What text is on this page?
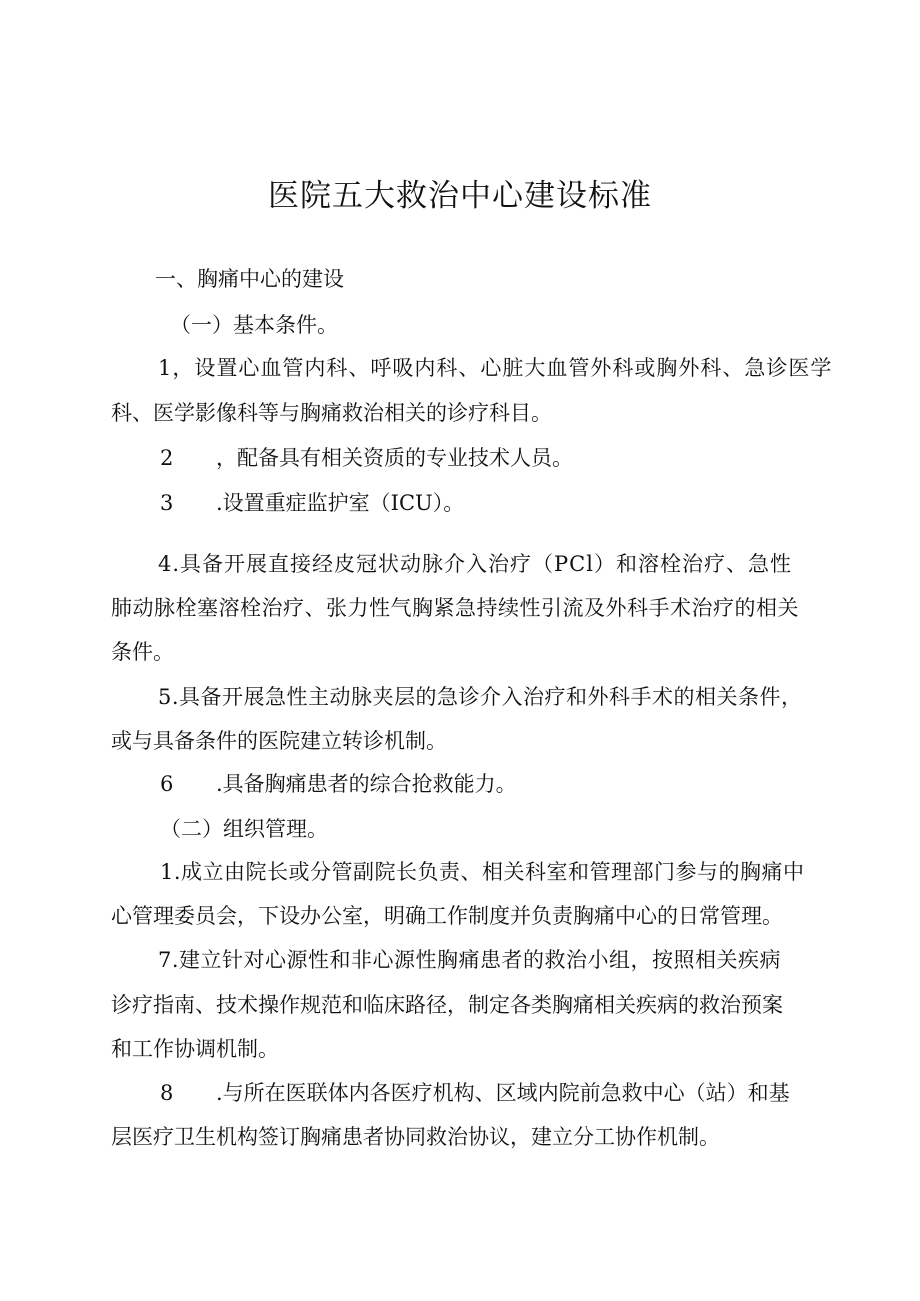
医院五大救治中心建设标准
一、胸痛中心的建设
（一）基本条件。
1，设置心血管内科、呼吸内科、心脏大血管外科或胸外科、急诊医学
科、医学影像科等与胸痛救治相关的诊疗科目。
2 ，配备具有相关资质的专业技术人员。
3 .设置重症监护室（ICU）。
4.具备开展直接经皮冠状动脉介入治疗（PCl）和溶栓治疗、急性
肺动脉栓塞溶栓治疗、张力性气胸紧急持续性引流及外科手术治疗的相关
条件。
5.具备开展急性主动脉夹层的急诊介入治疗和外科手术的相关条件，
或与具备条件的医院建立转诊机制。
6 .具备胸痛患者的综合抢救能力。
（二）组织管理。
1.成立由院长或分管副院长负责、相关科室和管理部门参与的胸痛中
心管理委员会，下设办公室，明确工作制度并负责胸痛中心的日常管理。
7.建立针对心源性和非心源性胸痛患者的救治小组，按照相关疾病
诊疗指南、技术操作规范和临床路径，制定各类胸痛相关疾病的救治预案
和工作协调机制。
8 .与所在医联体内各医疗机构、区域内院前急救中心（站）和基
层医疗卫生机构签订胸痛患者协同救治协议，建立分工协作机制。
